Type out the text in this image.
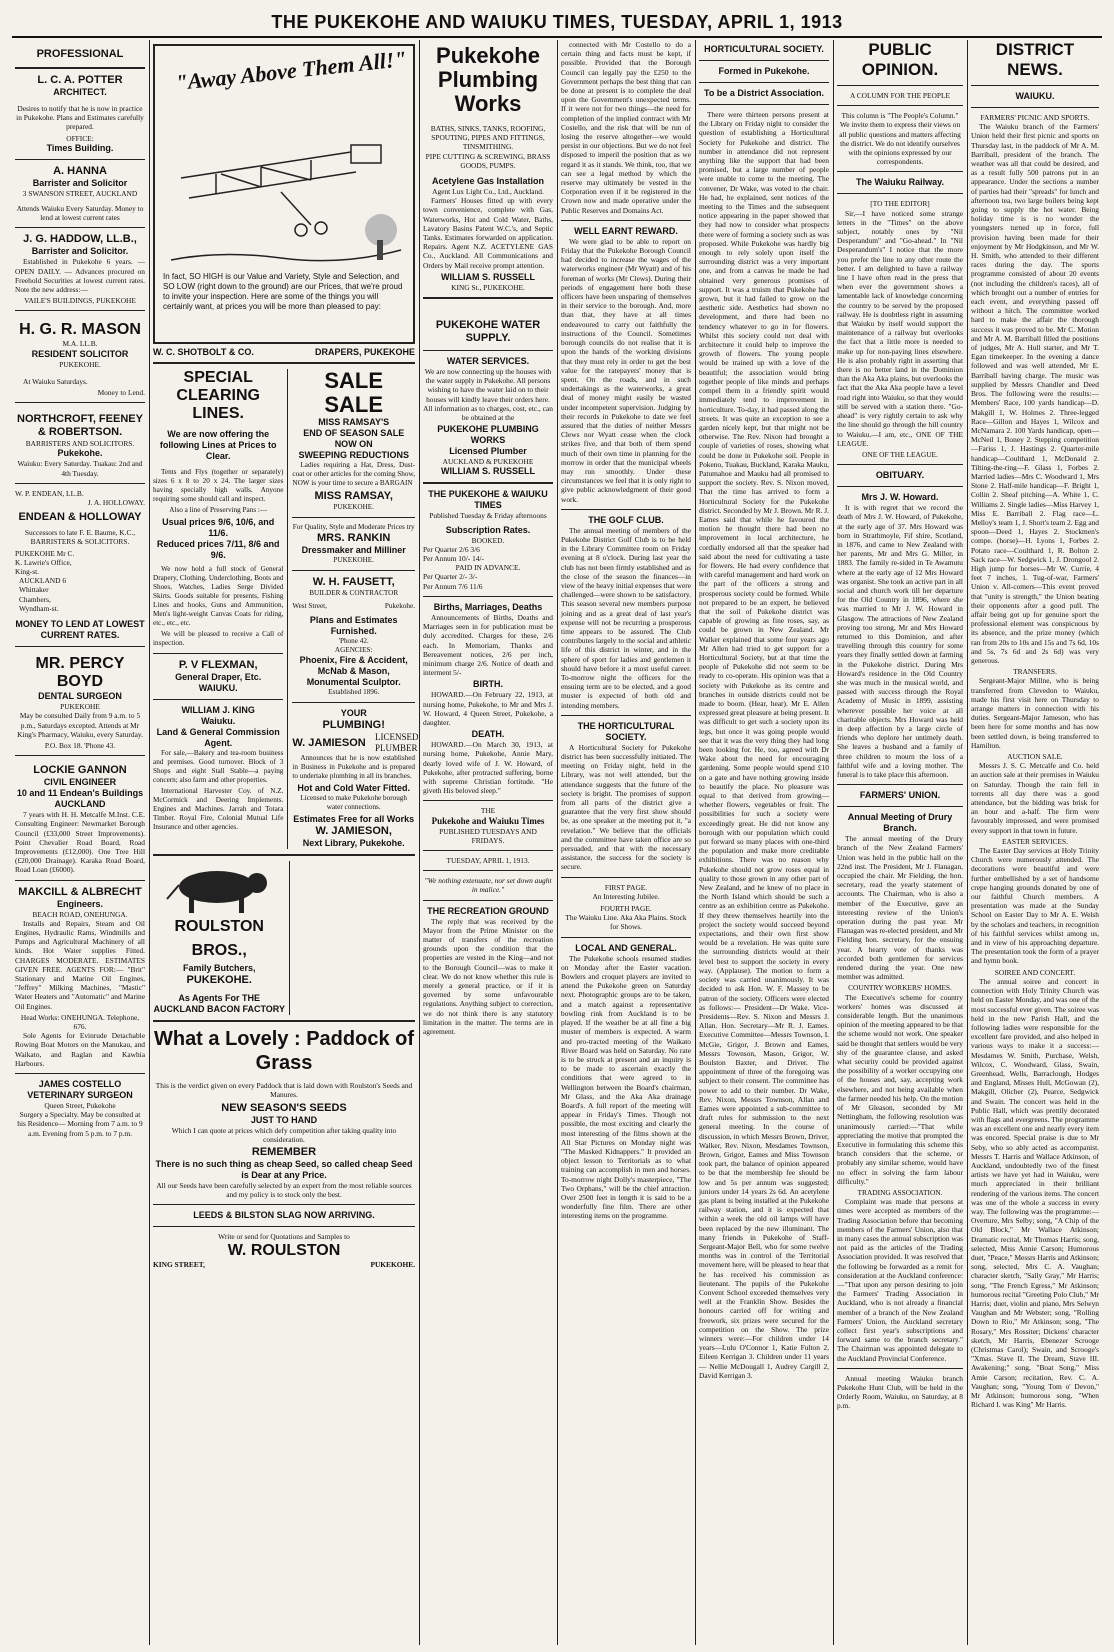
THE PUKEKOHE AND WAIUKU TIMES, TUESDAY, APRIL 1, 1913
PROFESSIONAL
L. C. A. POTTER
ARCHITECT.

Desires to notify that he is now in practice in Pukekohe. Plans and Estimates carefully prepared.

OFFICE:
Times Building.
A. HANNA
Barrister and Solicitor
3 SWANSON STREET, AUCKLAND

Attends Waiuku Every Saturday. Money to lend at lowest current rates

J. G. HADDOW, LL.B.,
Barrister and Solicitor.

Established in Pukekohe 6 years. — OPEN DAILY. — Advances procured on Freehold Securities at lowest current rates. Note the new address:—

VAILE'S BUILDINGS, PUKEKOHE
H. G. R. MASON
M.A. LL.B.
RESIDENT SOLICITOR
PUKEKOHE.

At Waiuku Saturdays.

Money to Lend.
NORTHCROFT, FEENEY & ROBERTSON.
BARRISTERS AND SOLICITORS.
Pukekohe.

Waiuku: Every Saturday. Tuakau: 2nd and 4th Tuesday.

W. P. ENDEAN, LL.B.
J. A. HOLLOWAY.
ENDEAN & HOLLOWAY

Successors to late F. E. Baume, K.C., BARRISTERS & SOLICITORS.

PUKEKOHE Mr C. K. Lawrie's Office, King-st. AUCKLAND 6 Whittaker Chambers, Wyndham-st.
MONEY TO LEND AT LOWEST CURRENT RATES.
MR. PERCY BOYD
DENTAL SURGEON
PUKEKOHE

May be consulted Daily from 9 a.m. to 5 p.m., Saturdays excepted. Attends at Mr King's Pharmacy, Waiuku, every Saturday.

P.O. Box 18. 'Phone 43.
LOCKIE GANNON
CIVIL ENGINEER
10 and 11 Endean's Buildings AUCKLAND

7 years with H. H. Metcalfe M.Inst. C.E. Consulting Engineer: Newmarket Borough Council (£33,000 Street Improvements). Point Chevalier Road Board, Road Improvements (£12,000). One Tree Hill (£20,000 Drainage). Karaka Road Board, Road Loan (£6000).

MAKCILL & ALBRECHT
Engineers.
BEACH ROAD, ONEHUNGA.

Installs and Repairs, Steam and Oil Engines, Hydraulic Rams, Windmills and Pumps and Agricultural Machinery of all kinds. Hot Water supplies Fitted. CHARGES MODERATE. ESTIMATES GIVEN FREE. AGENTS FOR:— "Brit" Stationary and Marine Oil Engines, "Jeffrey" Milking Machines, "Mastic" Water Heaters and "Automatic" and Marine Oil Engines.

Head Works: ONEHUNGA. Telephone, 676.

Sole Agents for Evinrude Detachable Rowing Boat Motors on the Manukau, and Waikato, and Raglan and Kawhia Harbours.

JAMES COSTELLO
VETERINARY SURGEON
Queen Street, Pukekohe

Surgery a Specialty. May be consulted at his Residence— Morning from 7 a.m. to 9 a.m. Evening from 5 p.m. to 7 p.m.

"Away Above Them All!"
In fact, SO HIGH is our Value and Variety, Style and Selection, and SO LOW (right down to the ground) are our Prices, that we're proud to invite your inspection. Here are some of the things you will certainly want, at prices you will be more than pleased to pay:
W. C. SHOTBOLT & CO.	DRAPERS, PUKEKOHE
SPECIAL CLEARING LINES.
We are now offering the following Lines at Prices to Clear.

Tents and Flys (together or separately) sizes 6 x 8 to 20 x 24. The larger sizes having specially high walls. Anyone requiring some should call and inspect.

Also a line of Preserving Pans :—

Usual prices 9/6, 10/6, and 11/6.
Reduced prices 7/11, 8/6 and 9/6.

We now hold a full stock of General Drapery, Clothing, Underclothing, Boots and Shoes, Watches, Ladies Serge Divided Skirts. Goods suitable for presents, Fishing Lines and hooks, Guns and Ammunition, Men's light-weight Canvas Coats for riding, etc., etc., etc.

We will be pleased to receive a Call of inspection.

P. V FLEXMAN,
General Draper, Etc.
WAIUKU.
WILLIAM J. KING
Waiuku.
Land & General Commission Agent.

For sale,—Bakery and tea-room business and premises. Good turnover. Block of 3 Shops and eight Stall Stable—a paying concern; also farm and other properties.

International Harvester Coy. of N.Z. McCormick and Deering Implements. Engines and Machines. Jarrah and Totara Timber. Royal Fire, Colonial Mutual Life Insurance and other agencies.

SALE SALE
MISS RAMSAY'S
END OF SEASON SALE
NOW ON
SWEEPING REDUCTIONS

Ladies requiring a Hat, Dress, Dust-coat or other articles for the coming Show, NOW is your time to secure a BARGAIN

MISS RAMSAY,
PUKEKOHE.
For Quality, Style and Moderate Prices try
MRS. RANKIN
Dressmaker and Milliner
PUKEKOHE.
W. H. FAUSETT,
BUILDER & CONTRACTOR
West Street,	Pukekohe.
Plans and Estimates Furnished.
'Phone 42.
AGENCIES:
Phoenix, Fire & Accident, McNab & Mason, Monumental Sculptor.
Established 1896.
YOUR
PLUMBING!
W. JAMIESON LICENSED PLUMBER

Announces that he is now established in Business in Pukekohe and is prepared to undertake plumbing in all its branches.

Hot and Cold Water Fitted.

Licensed to make Pukekohe borough water connections.

Estimates Free for all Works
W. JAMIESON,
Next Library, Pukekohe.
ROULSTON BROS.,
Family Butchers,
PUKEKOHE.
As Agents For THE AUCKLAND BACON FACTORY
What a Lovely : Paddock of Grass

This is the verdict given on every Paddock that is laid down with Roulston's Seeds and Manures.

NEW SEASON'S SEEDS
JUST TO HAND

Which I can quote at prices which defy competition after taking quality into consideration.

REMEMBER
There is no such thing as cheap Seed, so called cheap Seed is Dear at any Price.

All our Seeds have been carefully selected by an expert from the most reliable sources and my policy is to stock only the best.

LEEDS & BILSTON SLAG NOW ARRIVING.
Write or send for Quotations and Samples to
W. ROULSTON
KING STREET,	PUKEKOHE.
Pukekohe Plumbing Works
BATHS, SINKS, TANKS, ROOFING, SPOUTING, PIPES AND FITTINGS, TINSMITHING.
PIPE CUTTING & SCREWING, BRASS GOODS, PUMPS.
Acetylene Gas Installation
Agent Lux Light Co., Ltd., Auckland.

Farmers' Houses fitted up with every town convenience, complete with Gas, Waterworks, Hot and Cold Water, Baths, Lavatory Basins Patent W.C.'s, and Septic Tanks. Estimates forwarded on application. Repairs. Agent N.Z. ACETYLENE GAS Co., Auckland. All Communications and Orders by Mail receive prompt attention.

WILLIAM S. RUSSELL
KING St., PUKEKOHE.
PUKEKOHE WATER SUPPLY.
WATER SERVICES.

We are now connecting up the houses with the water supply in Pukekohe. All persons wishing to have the water laid on to their houses will kindly leave their orders here. All information as to charges, cost, etc., can be obtained at the

PUKEKOHE PLUMBING WORKS
Licensed Plumber
AUCKLAND & PUKEKOHE
WILLIAM S. RUSSELL
THE PUKEKOHE & WAIUKU TIMES
Published Tuesday & Friday afternoons
Subscription Rates.
BOOKED.
Per Quarter 2/6 3/6
Per Annum 10/- 14/-
PAID IN ADVANCE.
Per Quarter 2/- 3/-
Per Annum 7/6 11/6
Births, Marriages, Deaths

Announcements of Births, Deaths and Marriages seen in for publication must be duly accredited. Charges for these, 2/6 each. In Memoriam, Thanks and Bereavement notices, 2/6 per inch, minimum charge 2/6. Notice of death and interment 5/-

BIRTH.

HOWARD.—On February 22, 1913, at nursing home, Pukekohe, to Mr and Mrs J. W. Howard, 4 Queen Street, Pukekohe, a daughter.

DEATH.

HOWARD.—On March 30, 1913, at nursing home, Pukekohe, Annie Mary, dearly loved wife of J. W. Howard, of Pukekohe, after protracted suffering, borne with supreme Christian fortitude. "He giveth His beloved sleep."

THE
Pukekohe and Waiuku Times
PUBLISHED TUESDAYS AND FRIDAYS.
TUESDAY, APRIL 1, 1913.
"We nothing extenuate, nor set down aught in malice."
THE RECREATION GROUND

The reply that was received by the Mayor from the Prime Minister on the matter of transfers of the recreation grounds upon the condition that the properties are vested in the King—and not to the Borough Council—was to make it clear. We do not know whether this rule is merely a general practice, or if it is governed by some unfavourable regulations. Anything subject to correction, we do not think there is any statutory limitation in the matter. The terms are in agreement.

connected with Mr Costello to do a certain thing and facts must be kept, if possible. Provided that the Borough Council can legally pay the £250 to the Government perhaps the best thing that can be done at present is to complete the deal upon the Government's unexpected terms. If it were not for two things—the need for completion of the implied contract with Mr Costello, and the risk that will be run of losing the reserve altogether—we would persist in our objections. But we do not feel disposed to imperil the position that as we regard it as it stands. We think, too, that we can see a legal method by which the reserve may ultimately be vested in the Corporation even if it be registered in the Crown now and made operative under the Public Reserves and Domains Act.

WELL EARNT REWARD.

We were glad to be able to report on Friday that the Pukekohe Borough Council had decided to increase the wages of the waterworks engineer (Mr Wyatt) and of his foreman of works (Mr Clews). During their periods of engagement here both these officers have been unsparing of themselves in their service to the borough. And, more than that, they have at all times endeavoured to carry out faithfully the instructions of the Council. Sometimes borough councils do not realise that it is upon the hands of the working divisions that they must rely in order to get the best value for the ratepayers' money that is spent. On the roads, and in such undertakings as the waterworks, a great deal of money might easily be wasted under incompetent supervision. Judging by their records in Pukekohe to date we feel assured that the duties of neither Messrs Clews nor Wyatt cease when the clock strikes five, and that both of them spend much of their own time in planning for the morrow in order that the municipal wheels may run smoothly. Under these circumstances we feel that it is only right to give public acknowledgment of their good work.

THE GOLF CLUB.

The annual meeting of members of the Pukekohe District Golf Club is to be held in the Library Committee room on Friday evening at 8 o'clock. During last year the club has not been firmly established and as the close of the season the finances—in view of the heavy initial expenses that were challenged—were shown to be satisfactory. This season several new members purpose joining and as a great deal of last year's expense will not be recurring a prosperous time appears to be assured. The Club contributes largely to the social and athletic life of this district in winter, and in the sphere of sport for ladies and gentlemen it should have before it a most useful career. To-morrow night the officers for the ensuing term are to be elected, and a good muster is expected of both old and intending members.

THE HORTICULTURAL SOCIETY.

A Horticultural Society for Pukekohe district has been successfully initiated. The meeting on Friday night, held in the Library, was not well attended, but the attendance suggests that the future of the society is bright. The promises of support from all parts of the district give a guarantee that the very first show should be, as one speaker at the meeting put it, "a revelation." We believe that the officials and the committee have taken office are so persuaded, and that with the necessary assistance, the success for the society is secure.

FIRST PAGE.
An Interesting Jubilee.
FOURTH PAGE.
The Waiuku Line. Aka Aka Plains. Stock for Shows.
LOCAL AND GENERAL.

The Pukekohe schools resumed studies on Monday after the Easter vacation. Bowlers and croquet players are invited to attend the Pukekohe green on Saturday next. Photographic groups are to be taken, and a match against a representative bowling rink from Auckland is to be played. If the weather be at all fine a big muster of members is expected. A warm and pro-tracted meeting of the Waikato River Board was held on Saturday. No rate is to be struck at present and an inquiry is to be made to ascertain exactly the conditions that were agreed to in Wellington between the Board's chairman, Mr Glass, and the Aka Aka drainage Board's. A full report of the meeting will appear in Friday's Times. Though not possible, the most exciting and clearly the most interesting of the films shown at the All Star Pictures on Monday night was "The Masked Kidnappers." It provided an object lesson to Territorials as to what training can accomplish in men and horses. To-morrow night Dolly's masterpiece, "The Two Orphans," will be the chief attraction. Over 2500 feet in length it is said to be a wonderfully fine film. There are other interesting items on the programme.

HORTICULTURAL SOCIETY.
Formed in Pukekohe.
To be a District Association.

There were thirteen persons present at the Library on Friday night to consider the question of establishing a Horticultural Society for Pukekohe and district. The number in attendance did not represent anything like the support that had been promised, but a large number of people were unable to come to the meeting. The convener, Dr Wake, was voted to the chair. He had, he explained, sent notices of the meeting to the Times and the subsequent notice appearing in the paper showed that they had now to consider what prospects there were of forming a society such as was proposed. While Pukekohe was hardly big enough to rely solely upon itself the surrounding district was a very important one, and from a canvas he made he had obtained very generous promises of support. It was a truism that Pukekohe had grown, but it had failed to grow on the aesthetic side. Aesthetics had shown no development, and there had been no tendency whatever to go in for flowers. Whilst this society could not deal with architecture it could help to improve the growth of flowers. The young people would be trained up with a love of the beautiful; the association would bring together people of like minds and perhaps compel them in a friendly spirit would immediately tend to improvement in horticulture. To-day, it had passed along the streets. It was quite an exception to see a garden nicely kept, but that might not be otherwise. The Rev. Nixon had brought a couple of varieties of roses, showing what could be done in Pukekohe soil. People in Pokeno, Tuakau, Buckland, Karaka Mauku, Patumahoe and Mauku had all promised to support the society. Rev. S. Nixon moved, That the time has arrived to form a Horticultural Society for the Pukekohe district. Seconded by Mr J. Brown. Mr R. J. Eames said that while he favoured the motion he thought there had been no improvement in local architecture, he cordially endorsed all that the speaker had said about the need for cultivating a taste for flowers. He had every confidence that with careful management and hard work on the part of the officers a strong and prosperous society could be formed. While not prepared to be an expert, he believed that the soil of Pukekohe district was capable of growing as fine roses, say, as could be grown in New Zealand. Mr Walker explained that some four years ago Mr Allen had tried to get support for a Horticultural Society, but at that time the people of Pukekohe did not seem to be ready to co-operate. His opinion was that a society with Pukekohe as its centre and branches in outside districts could not be made to boom. (Hear, hear). Mr E. Allen expressed great pleasure at being present. It was difficult to get such a society upon its legs, but once it was going people would see that it was the very thing they had long been looking for. He, too, agreed with Dr Wake about the need for encouraging gardening. Some people would spend £10 on a gate and have nothing growing inside to beautify the place. No pleasure was equal to that derived from growing—whether flowers, vegetables or fruit. The possibilities for such a society were exceedingly great. He did not know any borough with our population which could put forward so many places with one-third the population and make more creditable exhibitions. There was no reason why Pukekohe should not grow roses equal in quality to those grown in any other part of New Zealand, and he knew of no place in the North Island which should be such a centre as an exhibition centre as Pukekohe. If they threw themselves heartily into the project the society would succeed beyond expectations, and their own first show would be a revelation. He was quite sure the surrounding districts would at their level best to support the society in every way. (Applause). The motion to form a society was carried unanimously. It was decided to ask Hon. W. F. Massey to be patron of the society. Officers were elected as follows:— President—Dr Wake. Vice-Presidents—Rev. S. Nixon and Messrs J. Allan. Hon. Secretary—Mr R. J. Eames. Executive Committee—Messrs Townson, I. McGie, Grigor, J. Brown and Eames, Messrs Townson, Mason, Grigor, W. Boulston Baxter, and Driver. The appointment of three of the foregoing was subject to their consent. The committee has power to add to their number. Dr Wake, Rev. Nixon, Messrs Townson, Allan and Eames were appointed a sub-committee to draft rules for submission to the next general meeting. In the course of discussion, in which Messrs Brown, Driver, Walker, Rev. Nixon, Mesdames Townson, Brown, Grigor, Eames and Miss Townson took part, the balance of opinion appeared to be that the membership fee should be low and 5s per annum was suggested; juniors under 14 years 2s 6d. An acetylene gas plant is being installed at the Pukekohe railway station, and it is expected that within a week the old oil lamps will have been replaced by the new illuminant. The many friends in Pukekohe of Staff-Sergeant-Major Bell, who for some twelve months was in control of the Territorial movement here, will be pleased to hear that he has received his commission as lieutenant. The pupils of the Pukekohe Convent School exceeded themselves very well at the Franklin Show. Besides the honours carried off for writing and freework, six prizes were secured for the competition on the Show. The prize winners were:—For children under 14 years—Lulu O'Connor 1, Katie Fulton 2, Eileen Kerrigan 3. Children under 11 years — Nellie McDougall 1, Audrey Cargill 2, David Kerrigan 3.

PUBLIC OPINION.
A COLUMN FOR THE PEOPLE

This column is "The People's Column." We invite them to express their views on all public questions and matters affecting the district. We do not identify ourselves with the opinions expressed by our correspondents.

The Waiuku Railway.
[TO THE EDITOR]

Sir,—I have noticed some strange letters in the "Times" on the above subject, notably ones by "Nil Desperandum" and "Go-ahead." In "Nil Desperandum's" I notice that the more you prefer the line to any other route the better. I am delighted to have a railway line I have often read in the press that when ever the government shows a lamentable lack of knowledge concerning the country to be served by the proposed railway. He is doubtless right in assuming that Waiuku by itself would support the maintenance of a railway but overlooks the fact that a little more is needed to make up for non-paying lines elsewhere. He is also probably right in asserting that there is no better land in the Dominion than the Aka Aka plains, but overlooks the fact that the Aka Aka people have a level road right into Waiuku, so that they would still be served with a station there. "Go-ahead" is very rightly certain to ask why the line should go through the hill country to Waiuku.—I am, etc., ONE OF THE LEAGUE.

ONE OF THE LEAGUE.
OBITUARY.
Mrs J. W. Howard.

It is with regret that we record the death of Mrs J. W. Howard, of Pukekohe, at the early age of 37. Mrs Howard was born in Strathmoyle, Fif shire, Scotland, in 1876, and came to New Zealand with her parents, Mr and Mrs G. Miller, in 1883. The family re-sided in Te Awamutu where at the early age of 12 Mrs Howard was organist. She took an active part in all social and church work till her departure for the Old Country in 1896, where she was married to Mr J. W. Howard in Glasgow. The attractions of New Zealand proving too strong, Mr and Mrs Howard returned to this Dominion, and after travelling through this country for some years they finally settled down at farming in the Pukekohe district. During Mrs Howard's residence in the Old Country she was much in the musical world, and passed with success through the Royal Academy of Music in 1899, assisting wherever possible her voice at all charitable objects. Mrs Howard was held in deep affection by a large circle of friends who deplore her untimely death. She leaves a husband and a family of three children to mourn the loss of a faithful wife and a loving mother. The funeral is to take place this afternoon.

FARMERS' UNION.
Annual Meeting of Drury Branch.

The annual meeting of the Drury branch of the New Zealand Farmers' Union was held in the public hall on the 22nd inst. The President, Mr J. Flanagan, occupied the chair. Mr Fielding, the hon. secretary, read the yearly statement of accounts. The Chairman, who is also a member of the Executive, gave an interesting review of the Union's operation during the past year. Mr Flanagan was re-elected president, and Mr Fielding hon. secretary, for the ensuing year. A hearty vote of thanks was accorded both gentlemen for services rendered during the year. One new member was admitted.

COUNTRY WORKERS' HOMES.

The Executive's scheme for country workers' homes was discussed at considerable length. But the unanimous opinion of the meeting appeared to be that the scheme would not work. One speaker said he thought that settlers would be very shy of the guarantee clause, and asked what security could be provided against the possibility of a worker occupying one of the houses and, say, accepting work elsewhere, and not being available when the farmer needed his help. On the motion of Mr Gleason, seconded by Mr Nettingham, the following resolution was unanimously carried:—"That while appreciating the motive that prompted the Executive in formulating this scheme this branch considers that the scheme, or probably any similar scheme, would have no effect in solving the farm labour difficulty."

TRADING ASSOCIATION.

Complaint was made that persons at times were accepted as members of the Trading Association before that becoming members of the Farmers' Union, also that in many cases the annual subscription was not paid as the articles of the Trading Association provided. It was resolved that the following be forwarded as a remit for consideration at the Auckland conference:—"That upon any person desiring to join the Farmers' Trading Association in Auckland, who is not already a financial member of a branch of the New Zealand Farmers' Union, the Auckland secretary collect first year's subscriptions and forward same to the branch secretary." The Chairman was appointed delegate to the Auckland Provincial Conference.

Annual meeting Waiuku branch Pukekohe Hunt Club, will be held in the Orderly Room, Waiuku, on Saturday, at 8 p.m.

DISTRICT NEWS.
WAIUKU.
FARMERS' PICNIC AND SPORTS.

The Waiuku branch of the Farmers' Union held their first picnic and sports on Thursday last, in the paddock of Mr A. M. Barriball, president of the branch. The weather was all that could be desired, and as a result fully 500 patrons put in an appearance. Under the sections a number of parties had their "spreads" for lunch and afternoon tea, two large boilers being kept going to supply the hot water. Being holiday time is is no wonder the youngsters turned up in force, full provision having been made for their enjoyment by Mr Hodgkinson, and Mr W. H. Smith, who attended to their different races during the day. The sports programme consisted of about 20 events (not including the children's races), all of which brought out a number of entries for each event, and everything passed off without a hitch. The committee worked hard to make the affair the thorough success it was proved to be. Mr C. Motion and Mr A. M. Barriball filled the positions of judges, Mr A. Hull starter, and Mr T. Egan timekeeper. In the evening a dance followed and was well attended, Mr E. Barriball having charge. The music was supplied by Messrs Chandler and Deed Bros. The following were the results:— Members' Race, 100 yards handicap—D. Makgill 1, W. Holmes 2. Three-legged Race—Gillon and Hayes 1, Wilcox and McNamara 2. 100 Yards handicap, open—McNeil 1, Boney 2. Stepping competition—Fariss 1, J. Hastings 2. Quarter-mile handicap—Coulthard 1, McDonald 2. Tilting-the-ring—F. Glass 1, Forbes 2. Married ladies—Mrs C. Woodward 1, Mrs Stone 2. Half-mile handicap—F. Bright 1, Collin 2. Sheaf pitching—A. White 1, C. Williams 2. Single ladies—Miss Harvey 1, Miss E. Barriball 2. Flag race—L. Melloy's team 1, J. Short's team 2. Egg and spoon—Deed 1, Hayes 2. Stockmen's compe. (horse)—H. Lyons 1, Forbes 2. Potato race—Coulthard 1, R. Bolton 2. Sack race—W. Sedgwick 1, J. Drongool 2. High jump for horses—Mr W. Currie, 4 feet 7 inches, 1. Tug-of-war, Farmers' Union v. All-comers—This event proved that "unity is strength," the Union beating their opponents after a good pull. The affair being got up for genuine sport the professional element was conspicuous by its absence, and the prize money (which ran from 20s to 10s and 15s and 7s 6d, 10s and 5s, 7s 6d and 2s 6d) was very generous.

TRANSFERS.

Sergeant-Major Millne, who is being transferred from Clevedon to Waiuku, made his first visit here on Thursday to arrange matters in connection with his duties. Sergeant-Major Jameson, who has been here for some months and has now been settled down, is being transferred to Hamilton.

AUCTION SALE.

Messrs J. S. C. Metcalfe and Co. held an auction sale at their premises in Waiuku on Saturday. Though the rain fell in torrents all day there was a good attendance, but the bidding was brisk for an hour and a-half. The firm were favourably impressed, and were promised every support in that town in future.

EASTER SERVICES.

The Easter Day services at Holy Trinity Church were numerously attended. The decorations were beautiful and were further embellished by a set of handsome crepe hanging grounds donated by one of our faithful Church members. A presentation was made at the Sunday School on Easter Day to Mr A. E. Welsh by the scholars and teachers, in recognition of his faithful services whilst among us, and in view of his approaching departure. The presentation took the form of a prayer and hymn book.

SOIREE AND CONCERT.

The annual soiree and concert in connection with Holy Trinity Church was held on Easter Monday, and was one of the most successful ever given. The soiree was held in the new Parish Hall, and the following ladies were responsible for the excellent fare provided, and also helped in various ways to make it a success:—Mesdames W. Smith, Purchase, Welsh, Wilcox, C. Woodward, Glass, Swain, Greenhead, Wells, Barraclough, Hodges and England, Misses Hull, McGowan (2), Makgill, Olicher (2), Pearce, Sedgwick and Swain. The concert was held in the Public Hall, which was prettily decorated with flags and evergreens. The programme was an excellent one and nearly every item was encored. Special praise is due to Mr Seby, who so ably acted as accompanist. Messrs T. Harris and Wallace Atkinson, of Auckland, undoubtedly two of the finest artists we have yet had in Waiuku, were much appreciated in their brilliant rendering of the various items. The concert was one of the whole a success in every way. The following was the programme:—Overture, Mrs Selby; song, "A Chip of the Old Block," Mr Wallace Atkinson; Dramatic recital, Mr Thomas Harris; song, selected, Miss Annie Carson; Humorous duet, "Peace," Messrs Harris and Atkinson; song, selected, Mrs C. A. Vaughan; character sketch, "Sally Gray," Mr Harris; song, "The French Egress," Mr Atkinson; humorous recital "Greeting Polo Club," Mr Harris; duet, violin and piano, Mrs Selwyn Vaughan and Mr Webster; song, "Rolling Down to Rio," Mr Atkinson; song, "The Rosary," Mrs Rossiter; Dickens' character sketch, Mr Harris, Ebenezer Scrooge (Christmas Carol); Swain, and Scrooge's "Xmas. Stave II. The Dream, Stave III. Awakening;" song, "Boat Song," Miss Amie Carson; recitation, Rev. C. A. Vaughan; song, "Young Tom o' Devon," Mr Atkinson; humorous song, "When Richard I. was King" Mr Harris.
